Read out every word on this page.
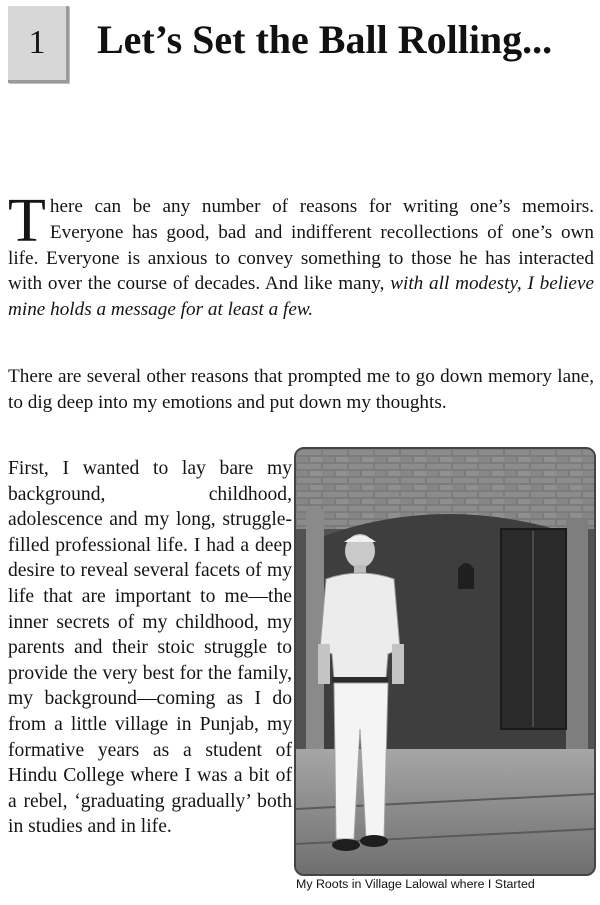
1 Let’s Set the Ball Rolling...

There can be any number of reasons for writing one’s memoirs. Everyone has good, bad and indifferent recollections of one’s own life. Everyone is anxious to convey something to those he has interacted with over the course of decades. And like many, with all modesty, I believe mine holds a message for at least a few.

There are several other reasons that prompted me to go down memory lane, to dig deep into my emotions and put down my thoughts.

First, I wanted to lay bare my background, childhood, adolescence and my long, struggle-filled professional life. I had a deep desire to reveal several facets of my life that are important to me—the inner secrets of my childhood, my parents and their stoic struggle to provide the very best for the family, my background—coming as I do from a little village in Punjab, my formative years as a student of Hindu College where I was a bit of a rebel, ‘graduating gradually’ both in studies and in life.

My Roots in Village Lalowal where I Started
